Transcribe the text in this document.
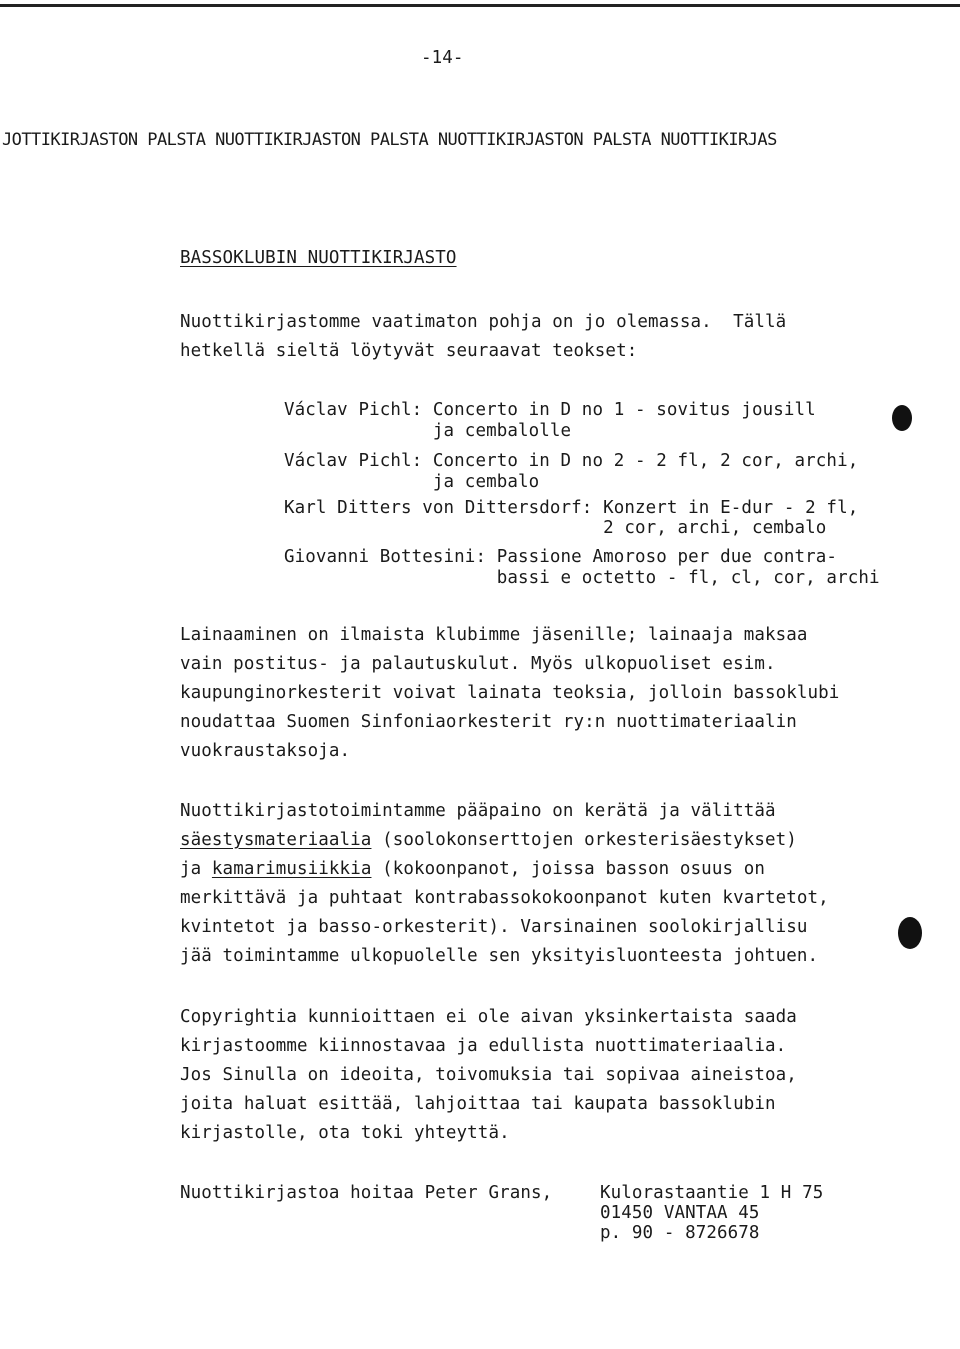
-14-
JOTTIKIRJASTON PALSTA NUOTTIKIRJASTON PALSTA NUOTTIKIRJASTON PALSTA NUOTTIKIRJAS
BASSOKLUBIN NUOTTIKIRJASTO
Nuottikirjastomme vaatimaton pohja on jo olemassa.  Tällä
hetkellä sieltä löytyvät seuraavat teokset:
Václav Pichl: Concerto in D no 1 - sovitus jousill
ja cembalolle
Václav Pichl: Concerto in D no 2 - 2 fl, 2 cor, archi,
ja cembalo
Karl Ditters von Dittersdorf: Konzert in E-dur - 2 fl,
2 cor, archi, cembalo
Giovanni Bottesini: Passione Amoroso per due contra-
bassi e octetto - fl, cl, cor, archi
Lainaaminen on ilmaista klubimme jäsenille; lainaaja maksaa
vain postitus- ja palautuskulut. Myös ulkopuoliset esim.
kaupunginorkesterit voivat lainata teoksia, jolloin bassoklubi
noudattaa Suomen Sinfoniaorkesterit ry:n nuottimateriaalin
vuokraustaksoja.
Nuottikirjastotoimintamme pääpaino on kerätä ja välittää
säestysmateriaalia (soolokonserttojen orkesterisäestykset)
ja kamarimusiikkia (kokoonpanot, joissa basson osuus on
merkittävä ja puhtaat kontrabassokokoonpanot kuten kvartetot,
kvintetot ja basso-orkesterit). Varsinainen soolokirjallisu
jää toimintamme ulkopuolelle sen yksityisluonteesta johtuen.
Copyrightia kunnioittaen ei ole aivan yksinkertaista saada
kirjastoomme kiinnostavaa ja edullista nuottimateriaalia.
Jos Sinulla on ideoita, toivomuksia tai sopivaa aineistoa,
joita haluat esittää, lahjoittaa tai kaupata bassoklubin
kirjastolle, ota toki yhteyttä.
Nuottikirjastoa hoitaa Peter Grans,	Kulorastaantie 1 H 75
01450 VANTAA 45
p. 90 - 8726678
